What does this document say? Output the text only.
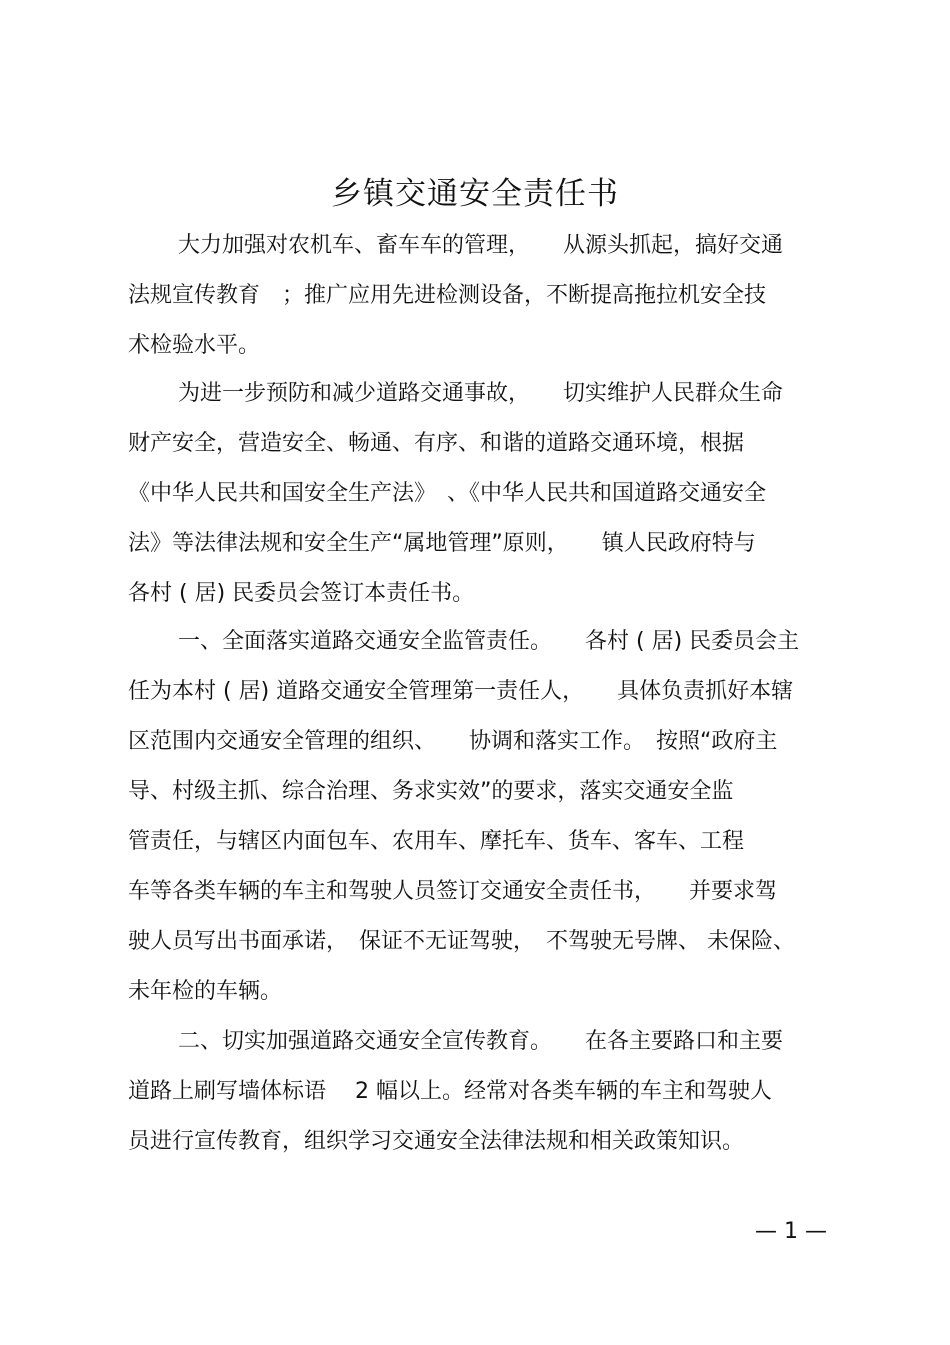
乡镇交通安全责任书
大力加强对农机车、畜车车的管理，　　从源头抓起，搞好交通
法规宣传教育　；推广应用先进检测设备，不断提高拖拉机安全技
术检验水平。
为进一步预防和减少道路交通事故，　　切实维护人民群众生命
财产安全，营造安全、畅通、有序、和谐的道路交通环境，根据
《中华人民共和国安全生产法》　、《中华人民共和国道路交通安全
法》等法律法规和安全生产“属地管理”原则，　　镇人民政府特与
各村 ( 居) 民委员会签订本责任书。
一、全面落实道路交通安全监管责任。　　各村 ( 居) 民委员会主
任为本村 ( 居) 道路交通安全管理第一责任人，　　具体负责抓好本辖
区范围内交通安全管理的组织、　　协调和落实工作。　按照“政府主
导、村级主抓、综合治理、务求实效”的要求，落实交通安全监
管责任，与辖区内面包车、农用车、摩托车、货车、客车、工程
车等各类车辆的车主和驾驶人员签订交通安全责任书，　　并要求驾
驶人员写出书面承诺，　保证不无证驾驶，　不驾驶无号牌、 未保险、
未年检的车辆。
二、切实加强道路交通安全宣传教育。　　在各主要路口和主要
道路上刷写墙体标语　 2 幅以上。经常对各类车辆的车主和驾驶人
员进行宣传教育，组织学习交通安全法律法规和相关政策知识。
— 1 —
